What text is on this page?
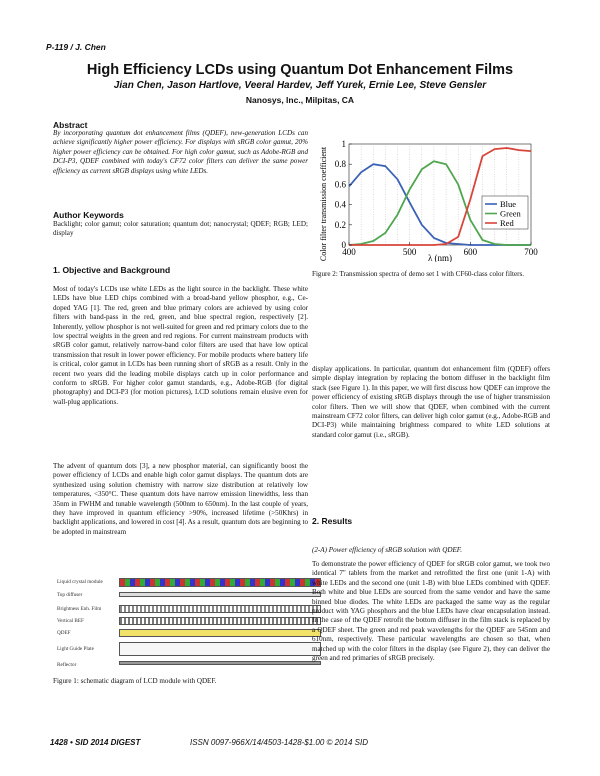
P-119 / J. Chen
High Efficiency LCDs using Quantum Dot Enhancement Films
Jian Chen, Jason Hartlove, Veeral Hardev, Jeff Yurek, Ernie Lee, Steve Gensler
Nanosys, Inc., Milpitas, CA
Abstract
By incorporating quantum dot enhancement films (QDEF), new-generation LCDs can achieve significantly higher power efficiency. For displays with sRGB color gamut, 20% higher power efficiency can be obtained. For high color gamut, such as Adobe-RGB and DCI-P3, QDEF combined with today's CF72 color filters can deliver the same power efficiency as current sRGB displays using white LEDs.
Author Keywords
Backlight; color gamut; color saturation; quantum dot; nanocrystal; QDEF; RGB; LED; display
1. Objective and Background
Most of today's LCDs use white LEDs as the light source in the backlight. These white LEDs have blue LED chips combined with a broad-band yellow phosphor, e.g., Ce-doped YAG [1]. The red, green and blue primary colors are achieved by using color filters with band-pass in the red, green, and blue spectral region, respectively [2]. Inherently, yellow phosphor is not well-suited for green and red primary colors due to the low spectral weights in the green and red regions. For current mainstream products with sRGB color gamut, relatively narrow-band color filters are used that have low optical transmission that result in lower power efficiency. For mobile products where battery life is critical, color gamut in LCDs has been running short of sRGB as a result. Only in the recent two years did the leading mobile displays catch up in color performance and conform to sRGB. For higher color gamut standards, e.g., Adobe-RGB (for digital photography) and DCI-P3 (for motion pictures), LCD solutions remain elusive even for wall-plug applications.
The advent of quantum dots [3], a new phosphor material, can significantly boost the power efficiency of LCDs and enable high color gamut displays. The quantum dots are synthesized using solution chemistry with narrow size distribution at relatively low temperatures, <350°C. These quantum dots have narrow emission linewidths, less than 35nm in FWHM and tunable wavelength (500nm to 650nm). In the last couple of years, they have improved in quantum efficiency >90%, increased lifetime (>50Khrs) in backlight applications, and lowered in cost [4]. As a result, quantum dots are beginning to be adopted in mainstream
Liquid crystal module
Top diffuser
Brightness Enh. Film
Vertical BEF
QDEF
Light Guide Plate
Reflector
Figure 1: schematic diagram of LCD module with QDEF.
Color filter transmission coefficient 0
0.2
0.4
0.6
0.8
1
400	500	600	700
λ (nm)
Blue
Green
Red
Figure 2: Transmission spectra of demo set 1 with CF60-class color filters.
display applications. In particular, quantum dot enhancement film (QDEF) offers simple display integration by replacing the bottom diffuser in the backlight film stack (see Figure 1). In this paper, we will first discuss how QDEF can improve the power efficiency of existing sRGB displays through the use of higher transmission color filters. Then we will show that QDEF, when combined with the current mainstream CF72 color filters, can deliver high color gamut (e.g., Adobe-RGB and DCI-P3) while maintaining brightness compared to white LED solutions at standard color gamut (i.e., sRGB).
2. Results
(2-A) Power efficiency of sRGB solution with QDEF.
To demonstrate the power efficiency of QDEF for sRGB color gamut, we took two identical 7" tablets from the market and retrofitted the first one (unit 1-A) with white LEDs and the second one (unit 1-B) with blue LEDs combined with QDEF. Both white and blue LEDs are sourced from the same vendor and have the same binned blue diodes. The white LEDs are packaged the same way as the regular product with YAG phosphors and the blue LEDs have clear encapsulation instead. In the case of the QDEF retrofit the bottom diffuser in the film stack is replaced by a QDEF sheet. The green and red peak wavelengths for the QDEF are 545nm and 610nm, respectively. These particular wavelengths are chosen so that, when matched up with the color filters in the display (see Figure 2), they can deliver the green and red primaries of sRGB precisely.
1428 • SID 2014 DIGEST	ISSN 0097-966X/14/4503-1428-$1.00 © 2014 SID
